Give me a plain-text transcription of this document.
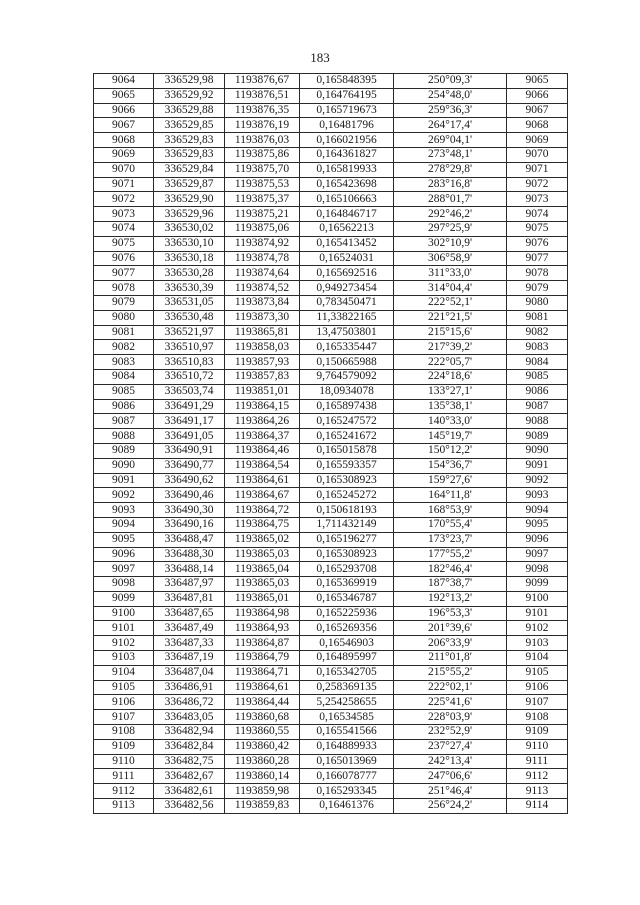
183
9064	336529,98	1193876,67	0,165848395	250°09,3'	9065
9065	336529,92	1193876,51	0,164764195	254°48,0'	9066
9066	336529,88	1193876,35	0,165719673	259°36,3'	9067
9067	336529,85	1193876,19	0,16481796	264°17,4'	9068
9068	336529,83	1193876,03	0,166021956	269°04,1'	9069
9069	336529,83	1193875,86	0,164361827	273°48,1'	9070
9070	336529,84	1193875,70	0,165819933	278°29,8'	9071
9071	336529,87	1193875,53	0,165423698	283°16,8'	9072
9072	336529,90	1193875,37	0,165106663	288°01,7'	9073
9073	336529,96	1193875,21	0,164846717	292°46,2'	9074
9074	336530,02	1193875,06	0,16562213	297°25,9'	9075
9075	336530,10	1193874,92	0,165413452	302°10,9'	9076
9076	336530,18	1193874,78	0,16524031	306°58,9'	9077
9077	336530,28	1193874,64	0,165692516	311°33,0'	9078
9078	336530,39	1193874,52	0,949273454	314°04,4'	9079
9079	336531,05	1193873,84	0,783450471	222°52,1'	9080
9080	336530,48	1193873,30	11,33822165	221°21,5'	9081
9081	336521,97	1193865,81	13,47503801	215°15,6'	9082
9082	336510,97	1193858,03	0,165335447	217°39,2'	9083
9083	336510,83	1193857,93	0,150665988	222°05,7'	9084
9084	336510,72	1193857,83	9,764579092	224°18,6'	9085
9085	336503,74	1193851,01	18,0934078	133°27,1'	9086
9086	336491,29	1193864,15	0,165897438	135°38,1'	9087
9087	336491,17	1193864,26	0,165247572	140°33,0'	9088
9088	336491,05	1193864,37	0,165241672	145°19,7'	9089
9089	336490,91	1193864,46	0,165015878	150°12,2'	9090
9090	336490,77	1193864,54	0,165593357	154°36,7'	9091
9091	336490,62	1193864,61	0,165308923	159°27,6'	9092
9092	336490,46	1193864,67	0,165245272	164°11,8'	9093
9093	336490,30	1193864,72	0,150618193	168°53,9'	9094
9094	336490,16	1193864,75	1,711432149	170°55,4'	9095
9095	336488,47	1193865,02	0,165196277	173°23,7'	9096
9096	336488,30	1193865,03	0,165308923	177°55,2'	9097
9097	336488,14	1193865,04	0,165293708	182°46,4'	9098
9098	336487,97	1193865,03	0,165369919	187°38,7'	9099
9099	336487,81	1193865,01	0,165346787	192°13,2'	9100
9100	336487,65	1193864,98	0,165225936	196°53,3'	9101
9101	336487,49	1193864,93	0,165269356	201°39,6'	9102
9102	336487,33	1193864,87	0,16546903	206°33,9'	9103
9103	336487,19	1193864,79	0,164895997	211°01,8'	9104
9104	336487,04	1193864,71	0,165342705	215°55,2'	9105
9105	336486,91	1193864,61	0,258369135	222°02,1'	9106
9106	336486,72	1193864,44	5,254258655	225°41,6'	9107
9107	336483,05	1193860,68	0,16534585	228°03,9'	9108
9108	336482,94	1193860,55	0,165541566	232°52,9'	9109
9109	336482,84	1193860,42	0,164889933	237°27,4'	9110
9110	336482,75	1193860,28	0,165013969	242°13,4'	9111
9111	336482,67	1193860,14	0,166078777	247°06,6'	9112
9112	336482,61	1193859,98	0,165293345	251°46,4'	9113
9113	336482,56	1193859,83	0,16461376	256°24,2'	9114
